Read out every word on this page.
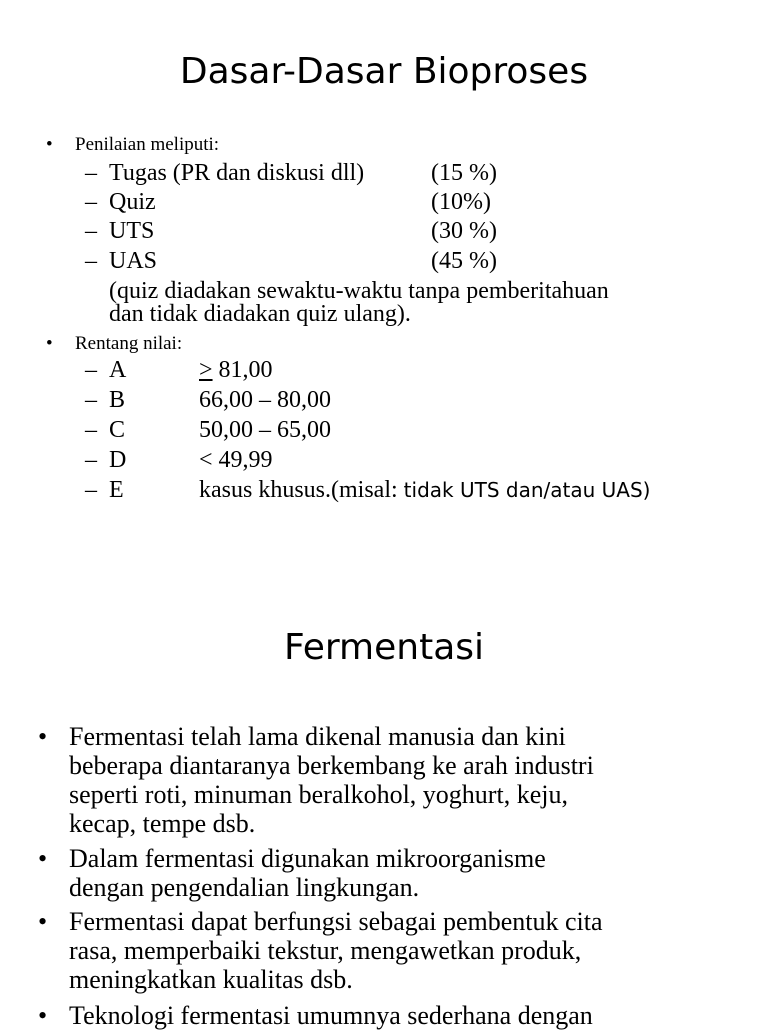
Dasar-Dasar Bioproses
• Penilaian meliputi:
– Tugas (PR dan diskusi dll)	(15 %)
– Quiz	(10%)
– UTS	(30 %)
– UAS	(45 %)
(quiz diadakan sewaktu-waktu tanpa pemberitahuan
dan tidak diadakan quiz ulang).
• Rentang nilai:
– A	≥ 81,00
– B	66,00 – 80,00
– C	50,00 – 65,00
– D	< 49,99
– E	kasus khusus.(misal: tidak UTS dan/atau UAS)
Fermentasi
• Fermentasi telah lama dikenal manusia dan kini
beberapa diantaranya berkembang ke arah industri
seperti roti, minuman beralkohol, yoghurt, keju,
kecap, tempe dsb.
• Dalam fermentasi digunakan mikroorganisme
dengan pengendalian lingkungan.
• Fermentasi dapat berfungsi sebagai pembentuk cita
rasa, memperbaiki tekstur, mengawetkan produk,
meningkatkan kualitas dsb.
• Teknologi fermentasi umumnya sederhana dengan
